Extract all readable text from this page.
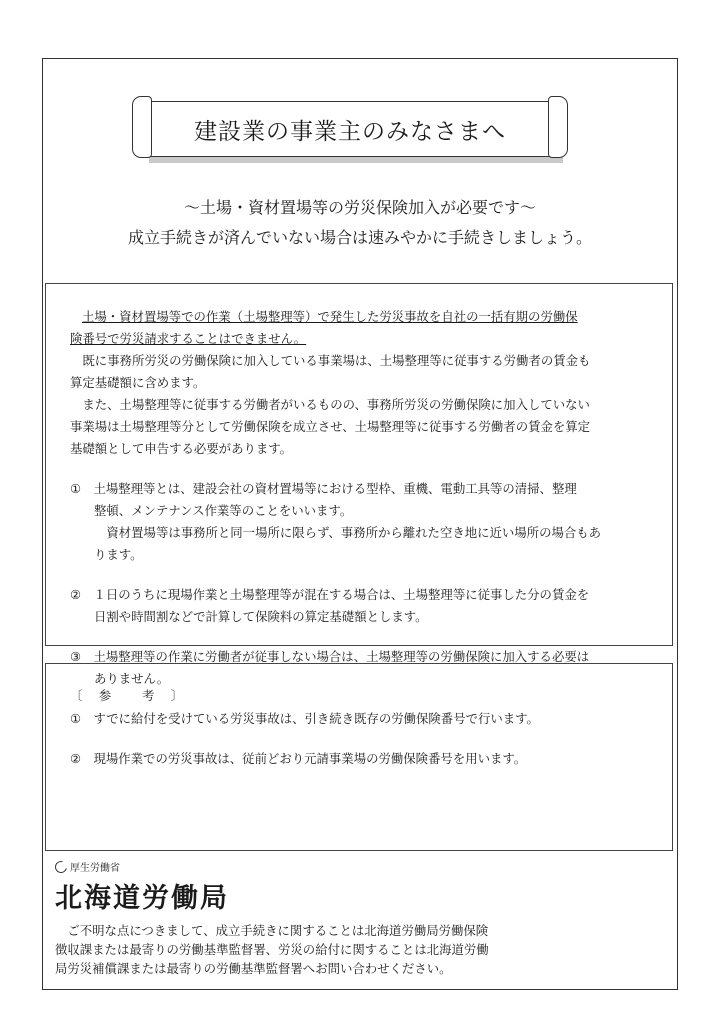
建設業の事業主のみなさまへ
～土場・資材置場等の労災保険加入が必要です～
成立手続きが済んでいない場合は速みやかに手続きしましょう。

土場・資材置場等での作業（土場整理等）で発生した労災事故を自社の一括有期の労働保

険番号で労災請求することはできません。

既に事務所労災の労働保険に加入している事業場は、土場整理等に従事する労働者の賃金も

算定基礎額に含めます。

また、土場整理等に従事する労働者がいるものの、事務所労災の労働保険に加入していない

事業場は土場整理等分として労働保険を成立させ、土場整理等に従事する労働者の賃金を算定

基礎額として申告する必要があります。

①　土場整理等とは、建設会社の資材置場等における型枠、重機、電動工具等の清掃、整理

整頓、メンテナンス作業等のことをいいます。

資材置場等は事務所と同一場所に限らず、事務所から離れた空き地に近い場所の場合もあ

ります。

②　１日のうちに現場作業と土場整理等が混在する場合は、土場整理等に従事した分の賃金を

日割や時間割などで計算して保険料の算定基礎額とします。

③　土場整理等の作業に労働者が従事しない場合は、土場整理等の労働保険に加入する必要は

ありません。

〔　参　　考　〕

①　すでに給付を受けている労災事故は、引き続き既存の労働保険番号で行います。

②　現場作業での労災事故は、従前どおり元請事業場の労働保険番号を用います。

厚生労働省
北海道労働局
ご不明な点につきまして、成立手続きに関することは北海道労働局労働保険
徴収課または最寄りの労働基準監督署、労災の給付に関することは北海道労働
局労災補償課または最寄りの労働基準監督署へお問い合わせください。
